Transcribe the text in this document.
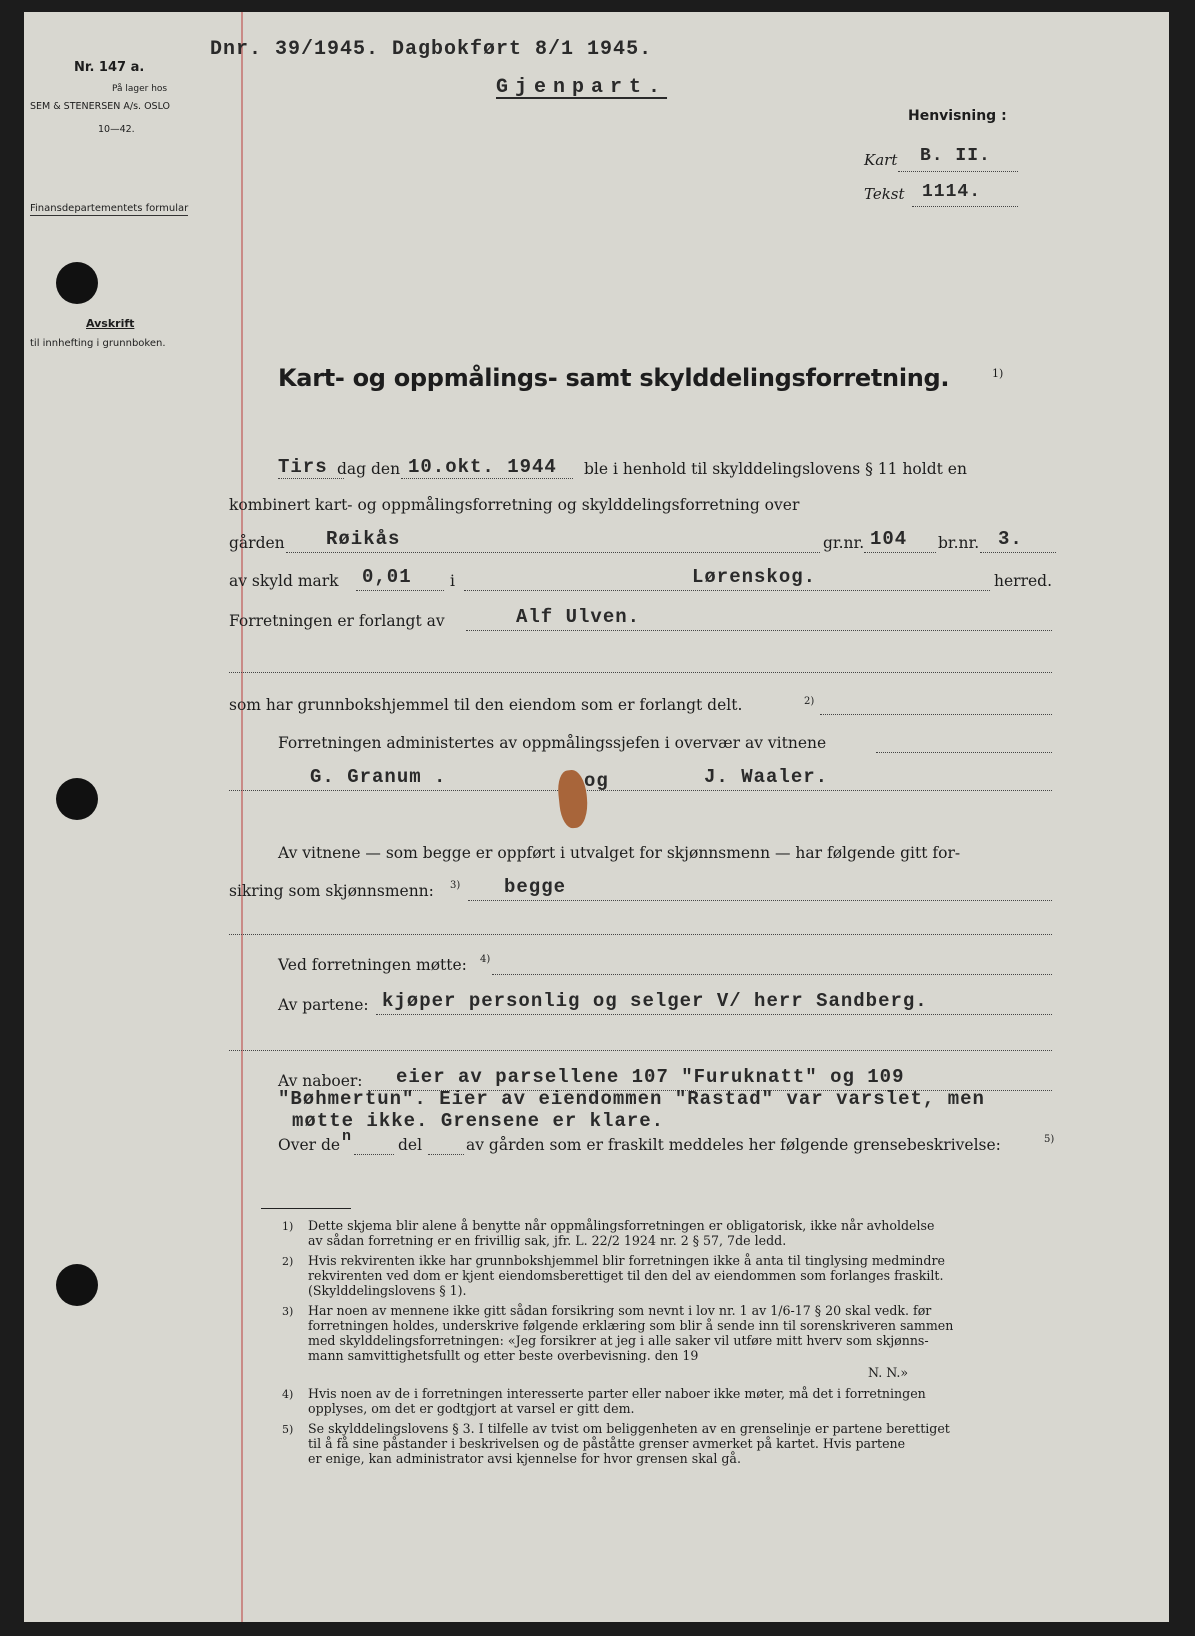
Nr. 147 a.
På lager hos
SEM & STENERSEN A/s. OSLO
10—42.
Finansdepartementets formular
Avskrift
til innhefting i grunnboken.
Dnr. 39/1945. Dagbokført 8/1 1945.
Gjenpart.
Henvisning :
Kart B. II.
Tekst 1114.
Kart- og oppmålings- samt skylddelingsforretning.	1)
Tirs dag den 10.okt. 1944 ble i henhold til skylddelingslovens § 11 holdt en
kombinert kart- og oppmålingsforretning og skylddelingsforretning over
gården Røikås	gr.nr. 104 br.nr. 3.
av skyld mark 0,01 i	Lørenskog.	herred.
Forretningen er forlangt av	Alf Ulven.
som har grunnbokshjemmel til den eiendom som er forlangt delt.	2)
Forretningen administertes av oppmålingssjefen i overvær av vitnene
G. Granum .	og	J. Waaler.
Av vitnene — som begge er oppført i utvalget for skjønnsmenn — har følgende gitt for-
sikring som skjønnsmenn: 3) begge
Ved forretningen møtte: 4)
Av partene: kjøper personlig og selger V/ herr Sandberg.
Av naboer: eier av parsellene 107 "Furuknatt" og 109
"Bøhmertun". Eier av eiendommen "Rastad" var varslet, men
møtte ikke. Grensene er klare.
Over de n	del	av gården som er fraskilt meddeles her følgende grensebeskrivelse:	5)
1) Dette skjema blir alene å benytte når oppmålingsforretningen er obligatorisk, ikke når avholdelse
av sådan forretning er en frivillig sak, jfr. L. 22/2 1924 nr. 2 § 57, 7de ledd.
2) Hvis rekvirenten ikke har grunnbokshjemmel blir forretningen ikke å anta til tinglysing medmindre
rekvirenten ved dom er kjent eiendomsberettiget til den del av eiendommen som forlanges fraskilt.
(Skylddelingslovens § 1).
3) Har noen av mennene ikke gitt sådan forsikring som nevnt i lov nr. 1 av 1/6-17 § 20 skal vedk. før
forretningen holdes, underskrive følgende erklæring som blir å sende inn til sorenskriveren sammen
med skylddelingsforretningen: «Jeg forsikrer at jeg i alle saker vil utføre mitt hverv som skjønns-
mann samvittighetsfullt og etter beste overbevisning. den 19
N. N.»
4) Hvis noen av de i forretningen interesserte parter eller naboer ikke møter, må det i forretningen
opplyses, om det er godtgjort at varsel er gitt dem.
5) Se skylddelingslovens § 3. I tilfelle av tvist om beliggenheten av en grenselinje er partene berettiget
til å få sine påstander i beskrivelsen og de påståtte grenser avmerket på kartet. Hvis partene
er enige, kan administrator avsi kjennelse for hvor grensen skal gå.
